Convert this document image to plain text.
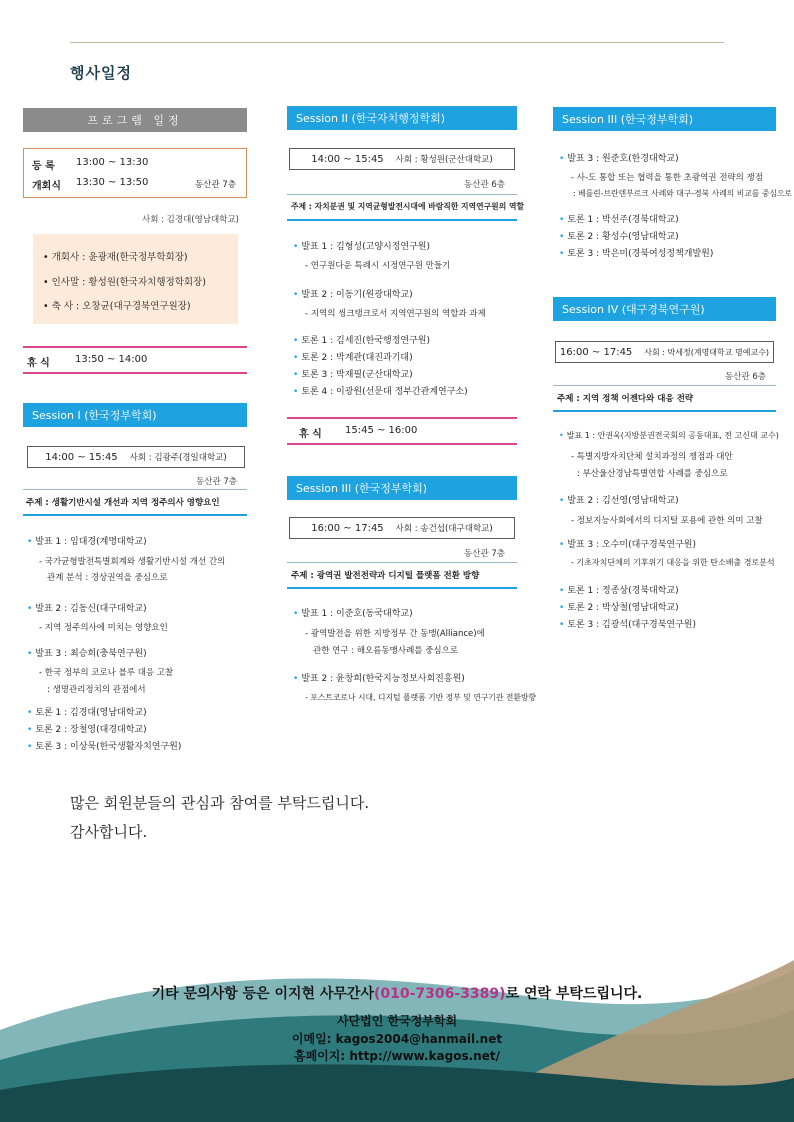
행사일정
프로그램 일정
등 록 13:00 ~ 13:30
개회식 13:30 ~ 13:50	동산관 7층
사회 : 김경대(영남대학교)
• 개회사 : 윤광재(한국정부학회장)
• 인사말 : 황성원(한국자치행정학회장)
• 축 사 : 오창균(대구경북연구원장)
휴 식	13:50 ~ 14:00
Session I (한국정부학회)
14:00 ~ 15:45 사회 : 김광주(경일대학교)
동산관 7층
주제 : 생활기반시설 개선과 지역 정주의사 영향요인
• 발표 1 : 임대경(계명대학교)
- 국가균형발전특별회계와 생활기반시설 개선 간의
관계 분석 : 경상권역을 중심으로
• 발표 2 : 김동신(대구대학교)
- 지역 정주의사에 미치는 영향요인
• 발표 3 : 최승희(충북연구원)
- 한국 정부의 코로나 블루 대응 고찰
: 생명관리정치의 관점에서
• 토론 1 : 김경대(영남대학교)
• 토론 2 : 장철영(대경대학교)
• 토론 3 : 이상묵(한국생활자치연구원)
Session II (한국자치행정학회)
14:00 ~ 15:45 사회 : 황성원(군산대학교)
동산관 6층
주제 : 자치분권 및 지역균형발전시대에 바람직한 지역연구원의 역할
• 발표 1 : 김형성(고양시정연구원)
- 연구원다운 특례시 시정연구원 만들기
• 발표 2 : 이동기(원광대학교)
- 지역의 씽크탱크로서 지역연구원의 역할과 과제
• 토론 1 : 김세진(한국행정연구원)
• 토론 2 : 박계관(대진과기대)
• 토론 3 : 박재필(군산대학교)
• 토론 4 : 이광원(선문대 정부간관계연구소)
휴 식 15:45 ~ 16:00
Session III (한국정부학회)
16:00 ~ 17:45 사회 : 송건섭(대구대학교)
동산관 7층
주제 : 광역권 발전전략과 디지털 플랫폼 전환 방향
• 발표 1 : 이준호(동국대학교)
- 광역발전을 위한 지방정부 간 동맹(Alliance)에
관한 연구 : 해오름동맹사례를 중심으로
• 발표 2 : 윤창희(한국지능정보사회진흥원)
- 포스트코로나 시대, 디지털 플랫폼 기반 정부 및 연구기관 전환방향
Session III (한국정부학회)
• 발표 3 : 원준호(한경대학교)
- 사-도 통합 또는 협력을 통한 초광역권 전략의 쟁점
: 베를린-브란덴부르크 사례와 대구-경북 사례의 비교를 중심으로
• 토론 1 : 박선주(경북대학교)
• 토론 2 : 황성수(영남대학교)
• 토론 3 : 박은미(경북여성정책개발원)
Session IV (대구경북연구원)
16:00 ~ 17:45 사회 : 박세정(계명대학교 명예교수)
동산관 6층
주제 : 지역 정책 어젠다와 대응 전략
• 발표 1 : 안권욱(지방분권전국회의 공동대표, 전 고신대 교수)
- 특별지방자치단체 설치과정의 쟁점과 대안
: 부산울산경남특별연합 사례를 중심으로
• 발표 2 : 김선영(영남대학교)
- 정보지능사회에서의 디지털 포용에 관한 의미 고찰
• 발표 3 : 오수미(대구경북연구원)
- 기초자치단체의 기후위기 대응을 위한 탄소배출 경로분석
• 토론 1 : 정종상(경북대학교)
• 토론 2 : 박상철(영남대학교)
• 토론 3 : 김광석(대구경북연구원)
많은 회원분들의 관심과 참여를 부탁드립니다.
감사합니다.
기타 문의사항 등은 이지현 사무간사(010-7306-3389)로 연락 부탁드립니다.
사단법인 한국정부학회
이메일: kagos2004@hanmail.net
홈페이지: http://www.kagos.net/
